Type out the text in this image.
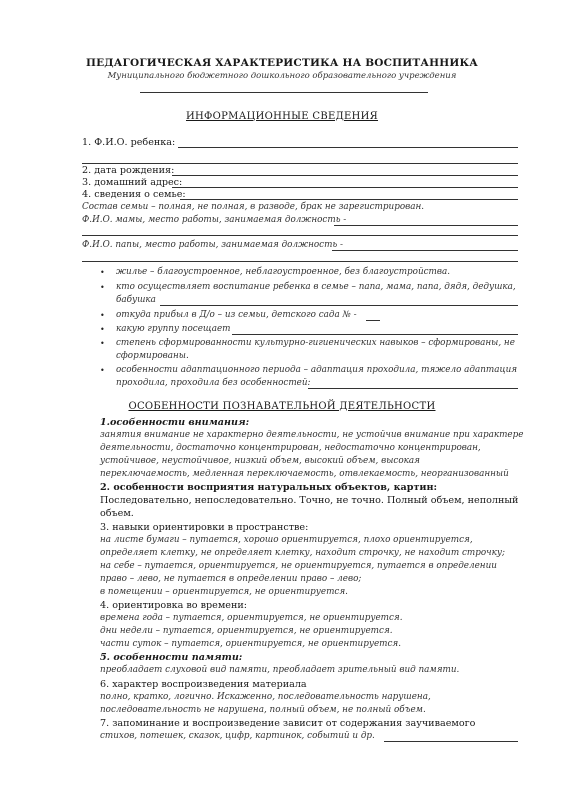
ПЕДАГОГИЧЕСКАЯ ХАРАКТЕРИСТИКА НА ВОСПИТАННИКА
Муниципального бюджетного дошкольного образовательного учреждения
ИНФОРМАЦИОННЫЕ СВЕДЕНИЯ
1. Ф.И.О. ребенка:
2. дата рождения:
3. домашний адрес:
4. сведения о семье:
Состав семьи – полная, не полная, в разводе, брак не зарегистрирован.
Ф.И.О. мамы, место работы, занимаемая должность -
Ф.И.О. папы, место работы, занимаемая должность -
• жилье – благоустроенное, неблагоустроенное, без благоустройства.
• кто осуществляет воспитание ребенка в семье – папа, мама, папа, дядя, дедушка,
бабушка
• откуда прибыл в Д/о – из семьи, детского сада № -
• какую группу посещает
• степень сформированности культурно-гигиенических навыков – сформированы, не
сформированы.
• особенности адаптационного периода – адаптация проходила, тяжело адаптация
проходила, проходила без особенностей:
ОСОБЕННОСТИ ПОЗНАВАТЕЛЬНОЙ ДЕЯТЕЛЬНОСТИ
1.особенности внимания:
занятия внимание не характерно деятельности, не устойчив внимание при характере
деятельности, достаточно концентрирован, недостаточно концентрирован,
устойчивое, неустойчивое, низкий объем, высокий объем, высокая
переключаемость, медленная переключаемость, отвлекаемость, неорганизованный
2. особенности восприятия натуральных объектов, картин:
Последовательно, непоследовательно. Точно, не точно. Полный объем, неполный
объем.
3. навыки ориентировки в пространстве:
на листе бумаги – путается, хорошо ориентируется, плохо ориентируется,
определяет клетку, не определяет клетку, находит строчку, не находит строчку;
на себе – путается, ориентируется, не ориентируется, путается в определении
право – лево, не путается в определении право – лево;
в помещении – ориентируется, не ориентируется.
4. ориентировка во времени:
времена года – путается, ориентируется, не ориентируется.
дни недели – путается, ориентируется, не ориентируется.
части суток – путается, ориентируется, не ориентируется.
5. особенности памяти:
преобладает слуховой вид памяти, преобладает зрительный вид памяти.
6. характер воспроизведения материала
полно, кратко, логично. Искаженно, последовательность нарушена,
последовательность не нарушена, полный объем, не полный объем.
7. запоминание и воспроизведение зависит от содержания заучиваемого
стихов, потешек, сказок, цифр, картинок, событий и др.
